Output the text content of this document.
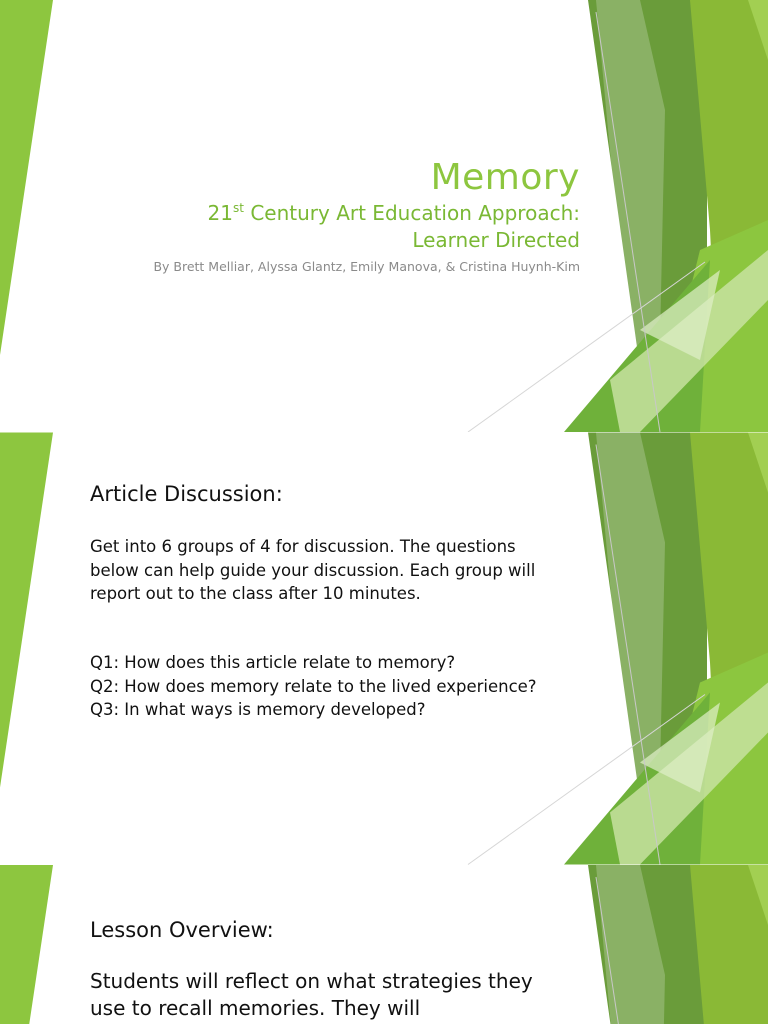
Memory

21st Century Art Education Approach:
Learner Directed

By Brett Melliar, Alyssa Glantz, Emily Manova, & Cristina Huynh-Kim

Article Discussion:

Get into 6 groups of 4 for discussion. The questions below can help guide your discussion. Each group will report out to the class after 10 minutes.

Q1: How does this article relate to memory?
Q2: How does memory relate to the lived experience?
Q3: In what ways is memory developed?
Lesson Overview:

Students will reflect on what strategies they use to recall memories. They will
